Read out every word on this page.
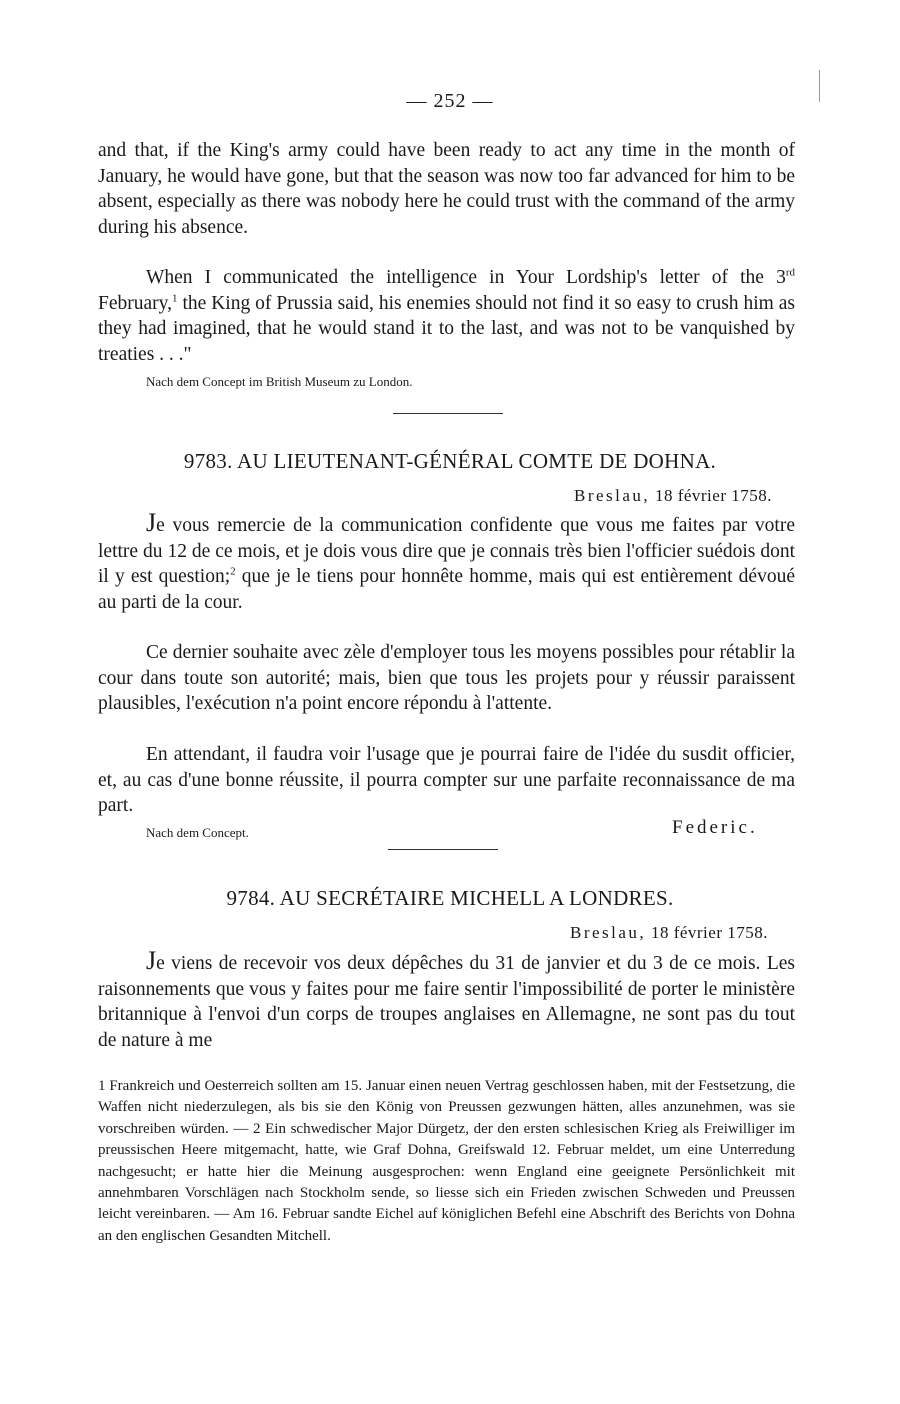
— 252 —

and that, if the King's army could have been ready to act any time in the month of January, he would have gone, but that the season was now too far advanced for him to be absent, especially as there was nobody here he could trust with the command of the army during his absence.

When I communicated the intelligence in Your Lordship's letter of the 3rd February,$^1$ the King of Prussia said, his enemies should not find it so easy to crush him as they had imagined, that he would stand it to the last, and was not to be vanquished by treaties . . ."

Nach dem Concept im British Museum zu London.
9783. AU LIEUTENANT-GÉNÉRAL COMTE DE DOHNA.
Breslau, 18 février 1758.

Je vous remercie de la communication confidente que vous me faites par votre lettre du 12 de ce mois, et je dois vous dire que je connais très bien l'officier suédois dont il y est question;$^2$ que je le tiens pour honnête homme, mais qui est entièrement dévoué au parti de la cour.

Ce dernier souhaite avec zèle d'employer tous les moyens possibles pour rétablir la cour dans toute son autorité; mais, bien que tous les projets pour y réussir paraissent plausibles, l'exécution n'a point encore répondu à l'attente.

En attendant, il faudra voir l'usage que je pourrai faire de l'idée du susdit officier, et, au cas d'une bonne réussite, il pourra compter sur une parfaite reconnaissance de ma part.

Nach dem Concept.	Federic.
9784. AU SECRÉTAIRE MICHELL A LONDRES.
Breslau, 18 février 1758.

Je viens de recevoir vos deux dépêches du 31 de janvier et du 3 de ce mois. Les raisonnements que vous y faites pour me faire sentir l'impossibilité de porter le ministère britannique à l'envoi d'un corps de troupes anglaises en Allemagne, ne sont pas du tout de nature à me

1 Frankreich und Oesterreich sollten am 15. Januar einen neuen Vertrag geschlossen haben, mit der Festsetzung, die Waffen nicht niederzulegen, als bis sie den König von Preussen gezwungen hätten, alles anzunehmen, was sie vorschreiben würden. — 2 Ein schwedischer Major Dürgetz, der den ersten schlesischen Krieg als Freiwilliger im preussischen Heere mitgemacht, hatte, wie Graf Dohna, Greifswald 12. Februar meldet, um eine Unterredung nachgesucht; er hatte hier die Meinung ausgesprochen: wenn England eine geeignete Persönlichkeit mit annehmbaren Vorschlägen nach Stockholm sende, so liesse sich ein Frieden zwischen Schweden und Preussen leicht vereinbaren. — Am 16. Februar sandte Eichel auf königlichen Befehl eine Abschrift des Berichts von Dohna an den englischen Gesandten Mitchell.
